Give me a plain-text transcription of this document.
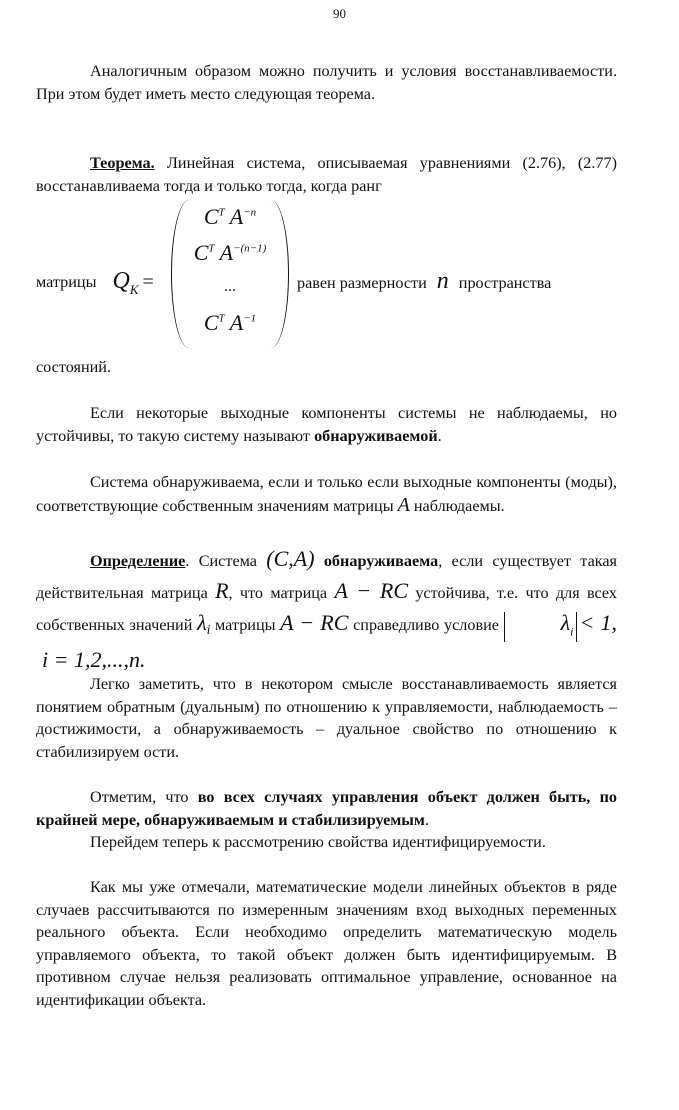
90

Аналогичным образом можно получить и условия восстанавливаемости. При этом будет иметь место следующая теорема.

Теорема. Линейная система, описываемая уравнениями (2.76), (2.77) восстанавливаема тогда и только тогда, когда ранг

матрицы $Q_K$ =
$C^T$ $A^{-n}$
$C^T$ $A^{-(n-1)}$
...
$C^T$ $A^{-1}$
равен размерности n пространства

состояний.

Если некоторые выходные компоненты системы не наблюдаемы, но устойчивы, то такую систему называют обнаруживаемой.

Система обнаруживаема, если и только если выходные компоненты (моды), соответствующие собственным значениям матрицы A наблюдаемы.

Определение. Система (C,A) обнаруживаема, если существует такая действительная матрица R, что матрица A − RC устойчива, т.е. что для всех собственных значений $\lambda_i$ матрицы A − RC справедливо условие	$\lambda_i < 1$, i = 1,2,...,n.

Легко заметить, что в некотором смысле восстанавливаемость является понятием обратным (дуальным) по отношению к управляемости, наблюдаемость – достижимости, а обнаруживаемость – дуальное свойство по отношению к стабилизируем ости.

Отметим, что во всех случаях управления объект должен быть, по крайней мере, обнаруживаемым и стабилизируемым.

Перейдем теперь к рассмотрению свойства идентифицируемости.

Как мы уже отмечали, математические модели линейных объектов в ряде случаев рассчитываются по измеренным значениям вход выходных переменных реального объекта. Если необходимо определить математическую модель управляемого объекта, то такой объект должен быть идентифицируемым. В противном случае нельзя реализовать оптимальное управление, основанное на идентификации объекта.
